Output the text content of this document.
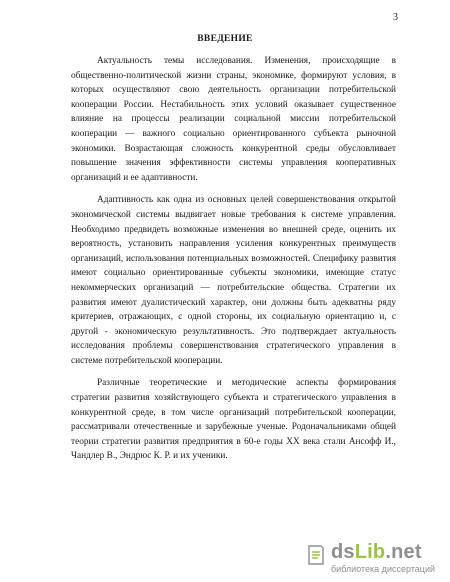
3
ВВЕДЕНИЕ

Актуальность темы исследования. Изменения, происходящие в общественно-политической жизни страны, экономике, формируют условия, в которых осуществляют свою деятельность организации потребительской кооперации России. Нестабильность этих условий оказывает существенное влияние на процессы реализации социальной миссии потребительской кооперации — важного социально ориентированного субъекта рыночной экономики. Возрастающая сложность конкурентной среды обусловливает повышение значения эффективности системы управления кооперативных организаций и ее адаптивности.

Адаптивность как одна из основных целей совершенствования открытой экономической системы выдвигает новые требования к системе управления. Необходимо предвидеть возможные изменения во внешней среде, оценить их вероятность, установить направления усиления конкурентных преимуществ организаций, использования потенциальных возможностей. Специфику развития имеют социально ориентированные субъекты экономики, имеющие статус некоммерческих организаций — потребительские общества. Стратегии их развития имеют дуалистический характер, они должны быть адекватны ряду критериев, отражающих, с одной стороны, их социальную ориентацию и, с другой - экономическую результативность. Это подтверждает актуальность исследования проблемы совершенствования стратегического управления в системе потребительской кооперации.

Различные теоретические и методические аспекты формирования стратегии развития хозяйствующего субъекта и стратегического управления в конкурентной среде, в том числе организаций потребительской кооперации, рассматривали отечественные и зарубежные ученые. Родоначальниками общей теории стратегии развития предприятия в 60-е годы XX века стали Ансофф И., Чандлер В., Эндрюс К. Р. и их ученики.

dsLib.net
библиотека диссертаций
